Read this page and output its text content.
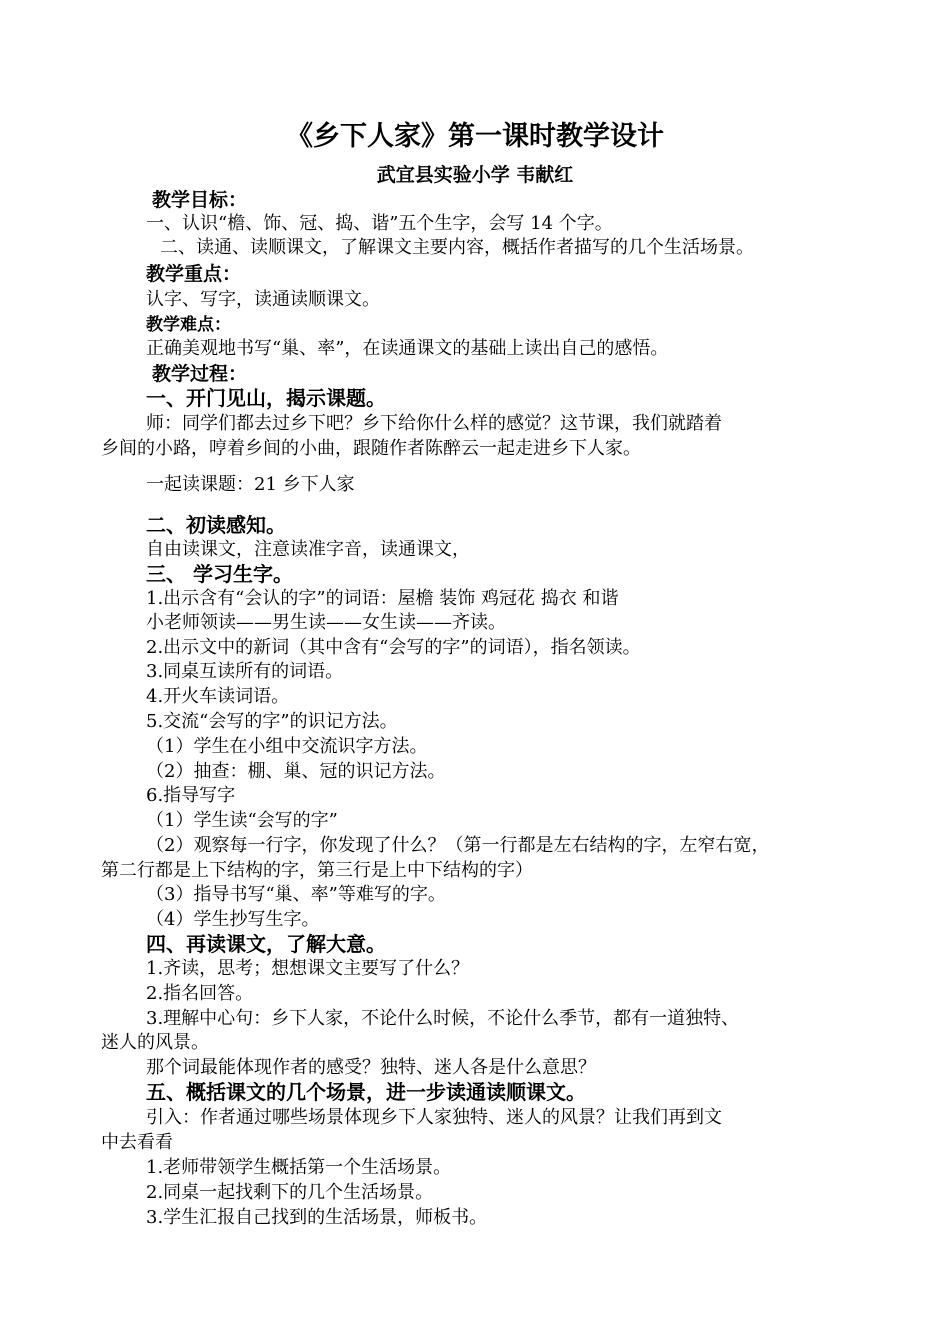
《乡下人家》第一课时教学设计
武宜县实验小学 韦献红
教学目标：
一、认识“檐、饰、冠、捣、谐”五个生字，会写 14 个字。
二、读通、读顺课文，了解课文主要内容，概括作者描写的几个生活场景。
教学重点：
认字、写字，读通读顺课文。
教学难点：
正确美观地书写“巢、率”，在读通课文的基础上读出自己的感悟。
教学过程：
一、开门见山，揭示课题。
师：同学们都去过乡下吧？乡下给你什么样的感觉？这节课，我们就踏着
乡间的小路，哼着乡间的小曲，跟随作者陈醉云一起走进乡下人家。
一起读课题：21 乡下人家
二、初读感知。
自由读课文，注意读准字音，读通课文，
三、 学习生字。
1.出示含有“会认的字”的词语：屋檐 装饰 鸡冠花 捣衣 和谐
小老师领读——男生读——女生读——齐读。
2.出示文中的新词（其中含有“会写的字”的词语），指名领读。
3.同桌互读所有的词语。
4.开火车读词语。
5.交流“会写的字”的识记方法。
（1）学生在小组中交流识字方法。
（2）抽查：棚、巢、冠的识记方法。
6.指导写字
（1）学生读“会写的字”
（2）观察每一行字，你发现了什么？（第一行都是左右结构的字，左窄右宽，
第二行都是上下结构的字，第三行是上中下结构的字）
（3）指导书写“巢、率”等难写的字。
（4）学生抄写生字。
四、再读课文，了解大意。
1.齐读，思考；想想课文主要写了什么？
2.指名回答。
3.理解中心句：乡下人家，不论什么时候，不论什么季节，都有一道独特、
迷人的风景。
那个词最能体现作者的感受？独特、迷人各是什么意思？
五、概括课文的几个场景，进一步读通读顺课文。
引入：作者通过哪些场景体现乡下人家独特、迷人的风景？让我们再到文
中去看看
1.老师带领学生概括第一个生活场景。
2.同桌一起找剩下的几个生活场景。
3.学生汇报自己找到的生活场景，师板书。
